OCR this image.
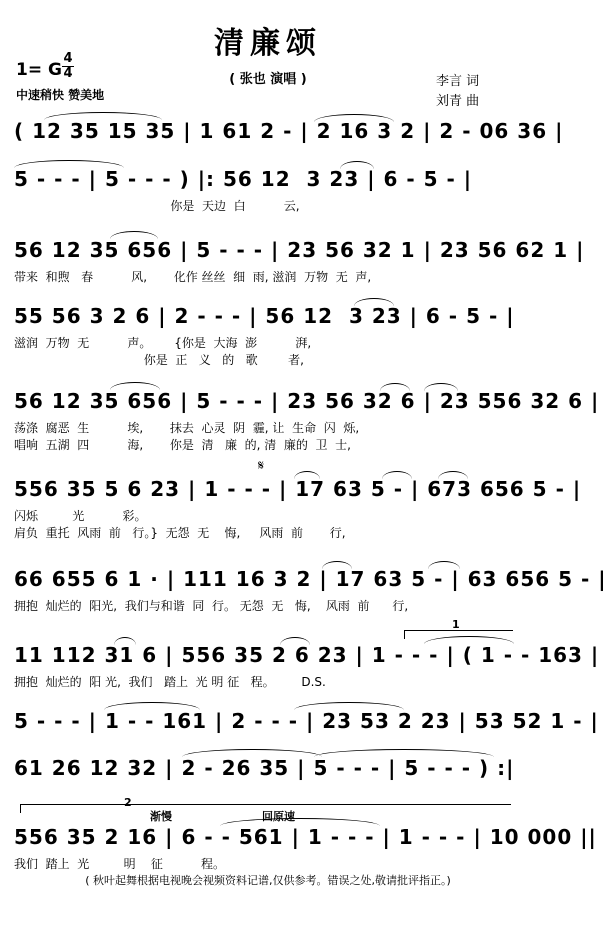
清廉颂
1= G
4
4
中速稍快 赞美地
( 张也 演唱 )	李言 词
刘青 曲
( 12 35 15 35 | 1 61 2 - | 2 16 3 2 | 2 - 06 36 |
5 - - - | 5 - - - ) |: 56 12  3 23 | 6 - 5 - |
你是  天边  白          云,
56 12 35 656 | 5 - - - | 23 56 32 1 | 23 56 62 1 |
带来  和煦   春          风,       化作 丝丝  细  雨, 滋润  万物  无  声,
55 56 3 2 6 | 2 - - - | 56 12  3 23 | 6 - 5 - |
滋润  万物  无          声。      {你是  大海  澎          湃,
你是  正   义   的   歌        者,
56 12 35 656 | 5 - - - | 23 56 32 6 | 23 556 32 6 |
荡涤  腐恶  生          埃,       抹去  心灵  阴  霾, 让  生命  闪  烁,
唱响  五湖  四          海,       你是  清   廉  的, 清  廉的  卫  士,
𝄋
556 35 5 6 23 | 1 - - - | 17 63 5 - | 673 656 5 - |
闪烁         光          彩。
肩负  重托  风雨  前   行。}  无怨  无    悔,     风雨  前       行,
66 655 6 1 · | 111 16 3 2 | 17 63 5 - | 63 656 5 - |
拥抱  灿烂的  阳光,  我们与和谐  同  行。 无怨  无   悔,    风雨  前      行,
1
11 112 31 6 | 556 35 2 6 23 | 1 - - - | ( 1 - - 163 |
拥抱  灿烂的  阳 光,  我们   踏上  光 明 征   程。       D.S.
5 - - - | 1 - - 161 | 2 - - - | 23 53 2 23 | 53 52 1 - |
61 26 12 32 | 2 - 26 35 | 5 - - - | 5 - - - ) :|
2
渐慢	回原速
556 35 2 16 | 6 - - 561 | 1 - - - | 1 - - - | 10 000 ||
我们  踏上  光         明    征          程。
( 秋叶起舞根据电视晚会视频资料记谱,仅供参考。错误之处,敬请批评指正。)
